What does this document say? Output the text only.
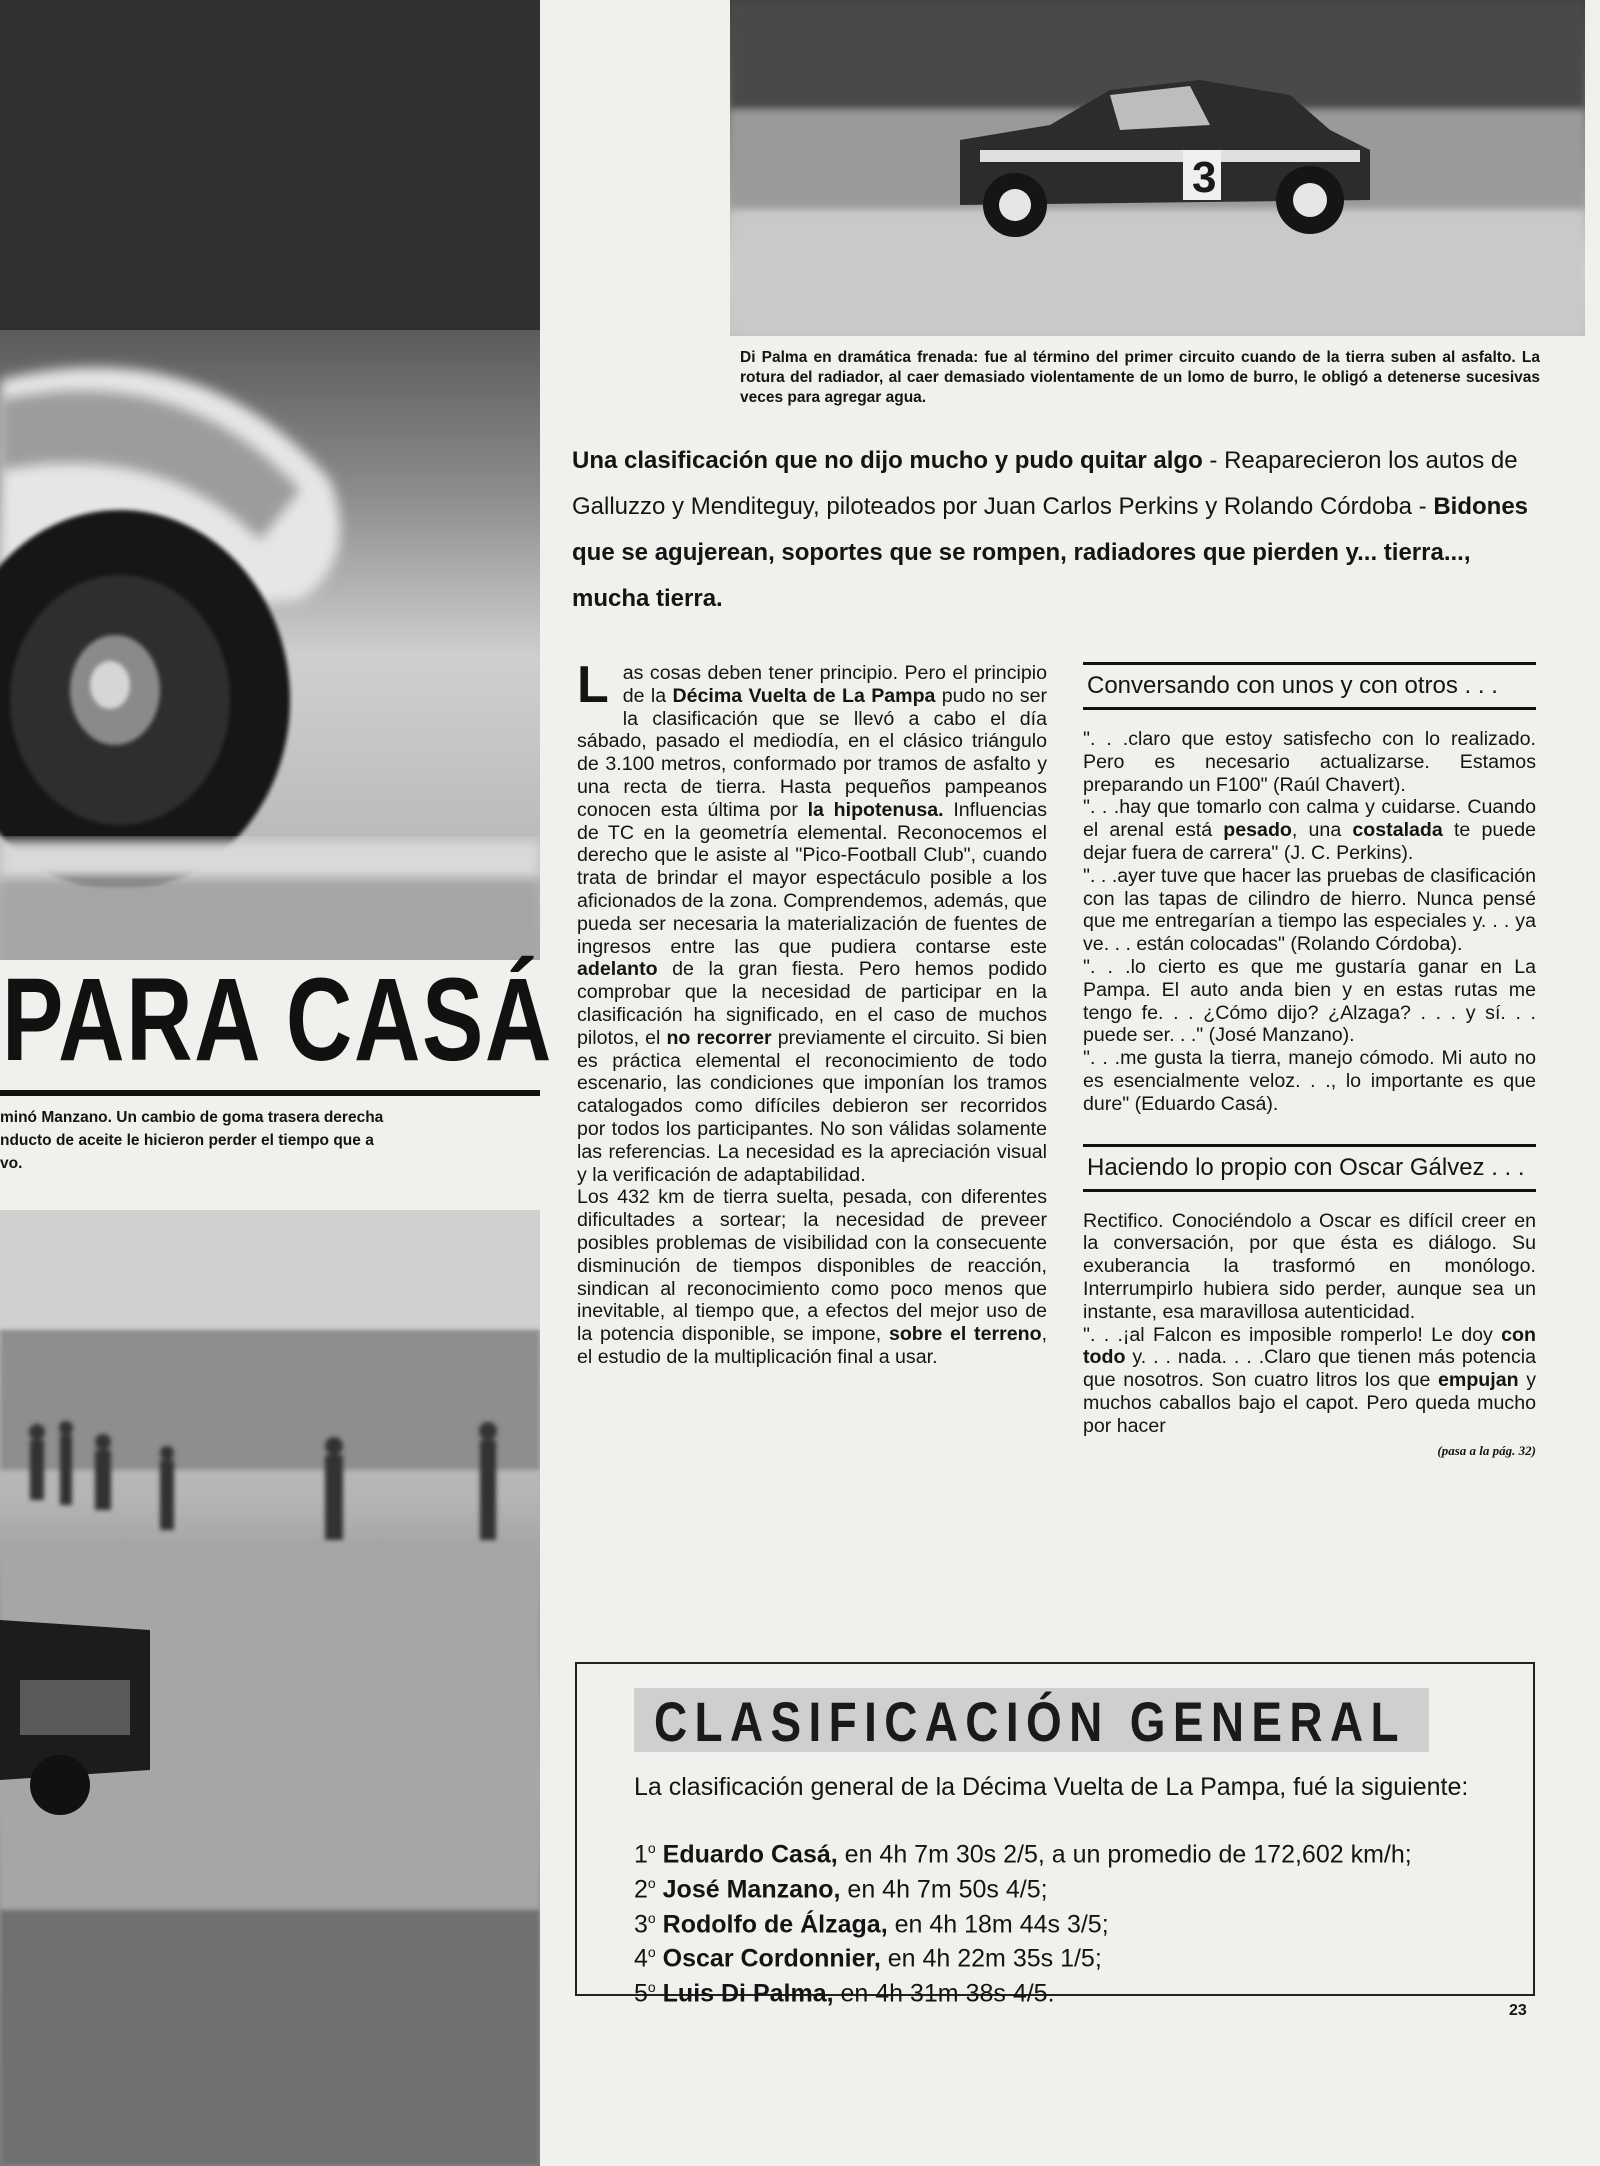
PARA CASÁ
minó Manzano. Un cambio de goma trasera derecha
nducto de aceite le hicieron perder el tiempo que a
vo.
3
Di Palma en dramática frenada: fue al término del primer circuito cuando de la tierra suben al asfalto. La rotura del radiador, al caer demasiado violentamente de un lomo de burro, le obligó a detenerse sucesivas veces para agregar agua.
Una clasificación que no dijo mucho y pudo quitar algo - Reaparecieron los autos de Galluzzo y Menditeguy, piloteados por Juan Carlos Perkins y Rolando Córdoba - Bidones que se agujerean, soportes que se rompen, radiadores que pierden y... tierra..., mucha tierra.

Las cosas deben tener principio. Pero el principio de la Décima Vuelta de La Pampa pudo no ser la clasificación que se llevó a cabo el día sábado, pasado el mediodía, en el clásico triángulo de 3.100 metros, conformado por tramos de asfalto y una recta de tierra. Hasta pequeños pampeanos conocen esta última por la hipotenusa. Influencias de TC en la geometría elemental. Reconocemos el derecho que le asiste al "Pico-Football Club", cuando trata de brindar el mayor espectáculo posible a los aficionados de la zona. Comprendemos, además, que pueda ser necesaria la materialización de fuentes de ingresos entre las que pudiera contarse este adelanto de la gran fiesta. Pero hemos podido comprobar que la necesidad de participar en la clasificación ha significado, en el caso de muchos pilotos, el no recorrer previamente el circuito. Si bien es práctica elemental el reconocimiento de todo escenario, las condiciones que imponían los tramos catalogados como difíciles debieron ser recorridos por todos los participantes. No son válidas solamente las referencias. La necesidad es la apreciación visual y la verificación de adaptabilidad.

Los 432 km de tierra suelta, pesada, con diferentes dificultades a sortear; la necesidad de preveer posibles problemas de visibilidad con la consecuente disminución de tiempos disponibles de reacción, sindican al reconocimiento como poco menos que inevitable, al tiempo que, a efectos del mejor uso de la potencia disponible, se impone, sobre el terreno, el estudio de la multiplicación final a usar.

Conversando con unos y con otros . . .

". . .claro que estoy satisfecho con lo realizado. Pero es necesario actualizarse. Estamos preparando un F100" (Raúl Chavert).

". . .hay que tomarlo con calma y cuidarse. Cuando el arenal está pesado, una costalada te puede dejar fuera de carrera" (J. C. Perkins).

". . .ayer tuve que hacer las pruebas de clasificación con las tapas de cilindro de hierro. Nunca pensé que me entregarían a tiempo las especiales y. . . ya ve. . . están colocadas" (Rolando Córdoba).

". . .lo cierto es que me gustaría ganar en La Pampa. El auto anda bien y en estas rutas me tengo fe. . . ¿Cómo dijo? ¿Alzaga? . . . y sí. . . puede ser. . ." (José Manzano).

". . .me gusta la tierra, manejo cómodo. Mi auto no es esencialmente veloz. . ., lo importante es que dure" (Eduardo Casá).

Haciendo lo propio con Oscar Gálvez . . .

Rectifico. Conociéndolo a Oscar es difícil creer en la conversación, por que ésta es diálogo. Su exuberancia la trasformó en monólogo. Interrumpirlo hubiera sido perder, aunque sea un instante, esa maravillosa autenticidad.

". . .¡al Falcon es imposible romperlo! Le doy con todo y. . . nada. . . .Claro que tienen más potencia que nosotros. Son cuatro litros los que empujan y muchos caballos bajo el capot. Pero queda mucho por hacer

(pasa a la pág. 32)
CLASIFICACIÓN GENERAL
La clasificación general de la Décima Vuelta de La Pampa, fué la siguiente:
1$^o$ Eduardo Casá, en 4h 7m 30s 2/5, a un promedio de 172,602 km/h;
2$^o$ José Manzano, en 4h 7m 50s 4/5;
3$^o$ Rodolfo de Álzaga, en 4h 18m 44s 3/5;
4$^o$ Oscar Cordonnier, en 4h 22m 35s 1/5;
5$^o$ Luis Di Palma, en 4h 31m 38s 4/5.
23
